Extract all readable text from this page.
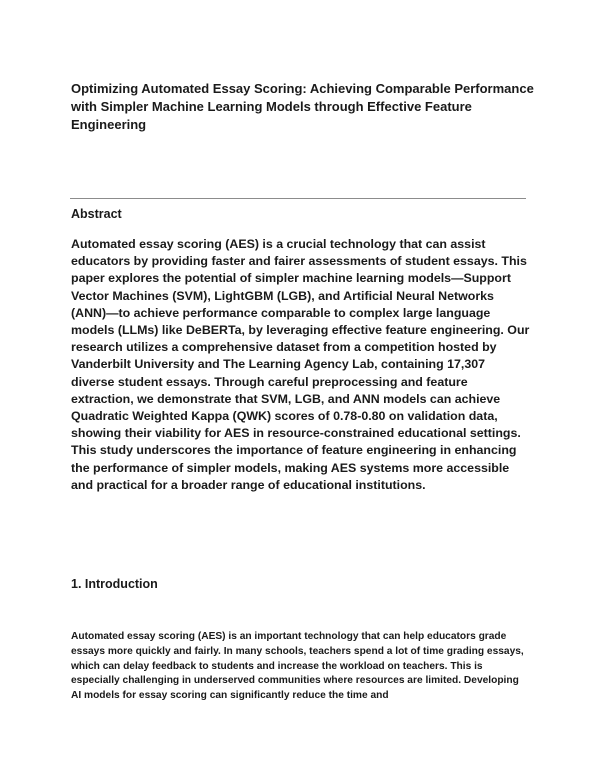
Optimizing Automated Essay Scoring: Achieving Comparable Performance with Simpler Machine Learning Models through Effective Feature Engineering
Abstract

Automated essay scoring (AES) is a crucial technology that can assist educators by providing faster and fairer assessments of student essays. This paper explores the potential of simpler machine learning models—Support Vector Machines (SVM), LightGBM (LGB), and Artificial Neural Networks (ANN)—to achieve performance comparable to complex large language models (LLMs) like DeBERTa, by leveraging effective feature engineering. Our research utilizes a comprehensive dataset from a competition hosted by Vanderbilt University and The Learning Agency Lab, containing 17,307 diverse student essays. Through careful preprocessing and feature extraction, we demonstrate that SVM, LGB, and ANN models can achieve Quadratic Weighted Kappa (QWK) scores of 0.78-0.80 on validation data, showing their viability for AES in resource-constrained educational settings. This study underscores the importance of feature engineering in enhancing the performance of simpler models, making AES systems more accessible and practical for a broader range of educational institutions.

1. Introduction

Automated essay scoring (AES) is an important technology that can help educators grade essays more quickly and fairly. In many schools, teachers spend a lot of time grading essays, which can delay feedback to students and increase the workload on teachers. This is especially challenging in underserved communities where resources are limited. Developing AI models for essay scoring can significantly reduce the time and
